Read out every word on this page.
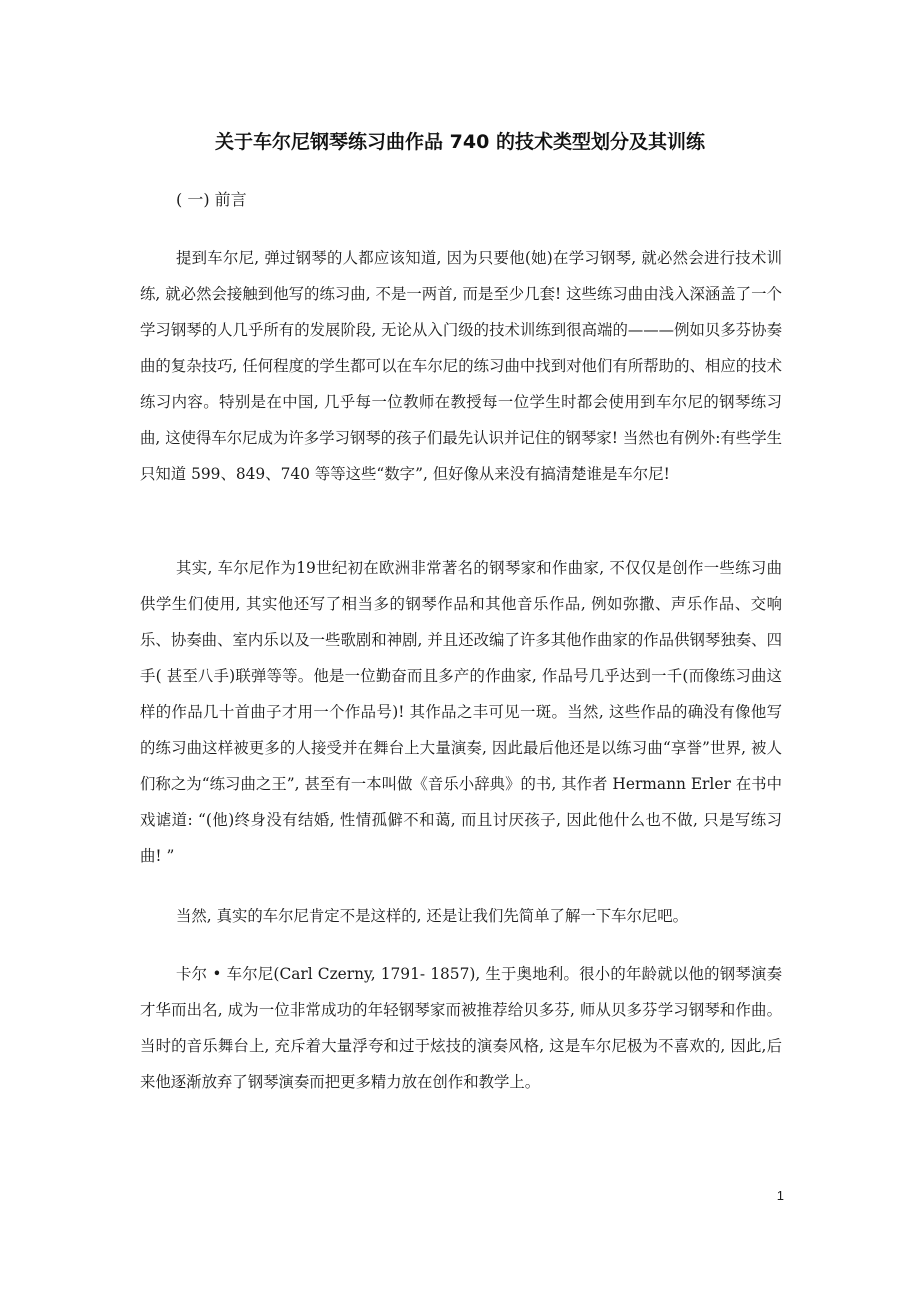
关于车尔尼钢琴练习曲作品 740 的技术类型划分及其训练
( 一) 前言

提到车尔尼, 弹过钢琴的人都应该知道, 因为只要他(她)在学习钢琴, 就必然会进行技术训练, 就必然会接触到他写的练习曲, 不是一两首, 而是至少几套! 这些练习曲由浅入深涵盖了一个学习钢琴的人几乎所有的发展阶段, 无论从入门级的技术训练到很高端的———例如贝多芬协奏曲的复杂技巧, 任何程度的学生都可以在车尔尼的练习曲中找到对他们有所帮助的、相应的技术练习内容。特别是在中国, 几乎每一位教师在教授每一位学生时都会使用到车尔尼的钢琴练习曲, 这使得车尔尼成为许多学习钢琴的孩子们最先认识并记住的钢琴家! 当然也有例外:有些学生只知道 599、849、740 等等这些“数字”, 但好像从来没有搞清楚谁是车尔尼!

其实, 车尔尼作为19世纪初在欧洲非常著名的钢琴家和作曲家, 不仅仅是创作一些练习曲供学生们使用, 其实他还写了相当多的钢琴作品和其他音乐作品, 例如弥撒、声乐作品、交响乐、协奏曲、室内乐以及一些歌剧和神剧, 并且还改编了许多其他作曲家的作品供钢琴独奏、四手( 甚至八手)联弹等等。他是一位勤奋而且多产的作曲家, 作品号几乎达到一千(而像练习曲这样的作品几十首曲子才用一个作品号)! 其作品之丰可见一斑。当然, 这些作品的确没有像他写的练习曲这样被更多的人接受并在舞台上大量演奏, 因此最后他还是以练习曲“享誉”世界, 被人们称之为“练习曲之王”, 甚至有一本叫做《音乐小辞典》的书, 其作者 Hermann Erler 在书中戏谑道: “(他)终身没有结婚, 性情孤僻不和蔼, 而且讨厌孩子, 因此他什么也不做, 只是写练习曲! ”

当然, 真实的车尔尼肯定不是这样的, 还是让我们先简单了解一下车尔尼吧。

卡尔 • 车尔尼(Carl Czerny, 1791- 1857), 生于奥地利。很小的年龄就以他的钢琴演奏才华而出名, 成为一位非常成功的年轻钢琴家而被推荐给贝多芬, 师从贝多芬学习钢琴和作曲。当时的音乐舞台上, 充斥着大量浮夸和过于炫技的演奏风格, 这是车尔尼极为不喜欢的, 因此,后来他逐渐放弃了钢琴演奏而把更多精力放在创作和教学上。

1
